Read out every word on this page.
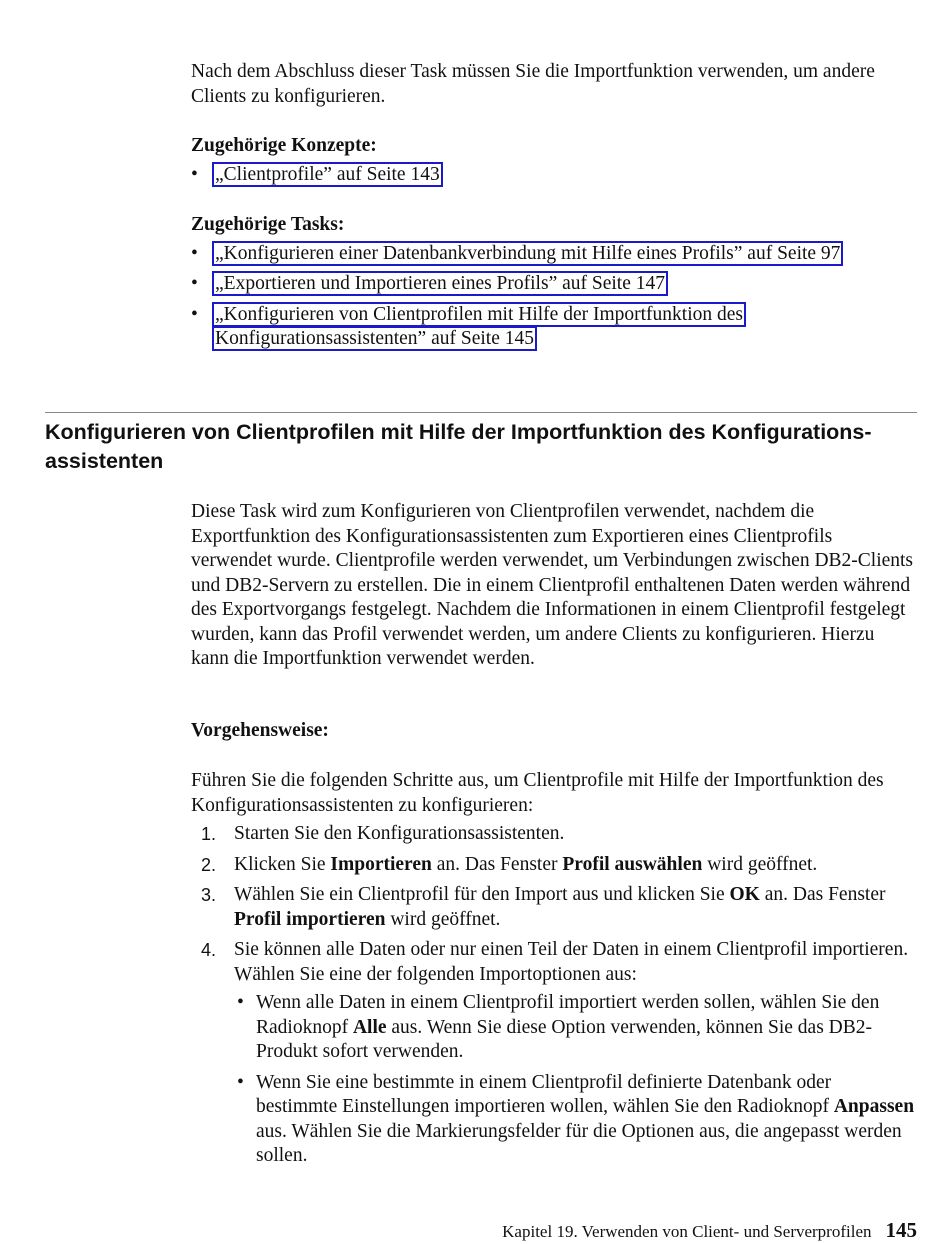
Nach dem Abschluss dieser Task müssen Sie die Importfunktion verwenden, um andere Clients zu konfigurieren.

Zugehörige Konzepte:

• „Clientprofile” auf Seite 143

Zugehörige Tasks:

• „Konfigurieren einer Datenbankverbindung mit Hilfe eines Profils” auf Seite 97
• „Exportieren und Importieren eines Profils” auf Seite 147
• „Konfigurieren von Clientprofilen mit Hilfe der Importfunktion des Konfigurationsassistenten” auf Seite 145
Konfigurieren von Clientprofilen mit Hilfe der Importfunktion des Konfigurationsassistenten

Diese Task wird zum Konfigurieren von Clientprofilen verwendet, nachdem die Exportfunktion des Konfigurationsassistenten zum Exportieren eines Clientprofils verwendet wurde. Clientprofile werden verwendet, um Verbindungen zwischen DB2-Clients und DB2-Servern zu erstellen. Die in einem Clientprofil enthaltenen Daten werden während des Exportvorgangs festgelegt. Nachdem die Informationen in einem Clientprofil festgelegt wurden, kann das Profil verwendet werden, um andere Clients zu konfigurieren. Hierzu kann die Importfunktion verwendet werden.

Vorgehensweise:

Führen Sie die folgenden Schritte aus, um Clientprofile mit Hilfe der Importfunktion des Konfigurationsassistenten zu konfigurieren:

1. Starten Sie den Konfigurationsassistenten.
2. Klicken Sie Importieren an. Das Fenster Profil auswählen wird geöffnet.
3. Wählen Sie ein Clientprofil für den Import aus und klicken Sie OK an. Das Fenster Profil importieren wird geöffnet.
4. Sie können alle Daten oder nur einen Teil der Daten in einem Clientprofil importieren. Wählen Sie eine der folgenden Importoptionen aus:
• Wenn alle Daten in einem Clientprofil importiert werden sollen, wählen Sie den Radioknopf Alle aus. Wenn Sie diese Option verwenden, können Sie das DB2-Produkt sofort verwenden.
• Wenn Sie eine bestimmte in einem Clientprofil definierte Datenbank oder bestimmte Einstellungen importieren wollen, wählen Sie den Radioknopf Anpassen aus. Wählen Sie die Markierungsfelder für die Optionen aus, die angepasst werden sollen.
Kapitel 19. Verwenden von Client- und Serverprofilen 145
